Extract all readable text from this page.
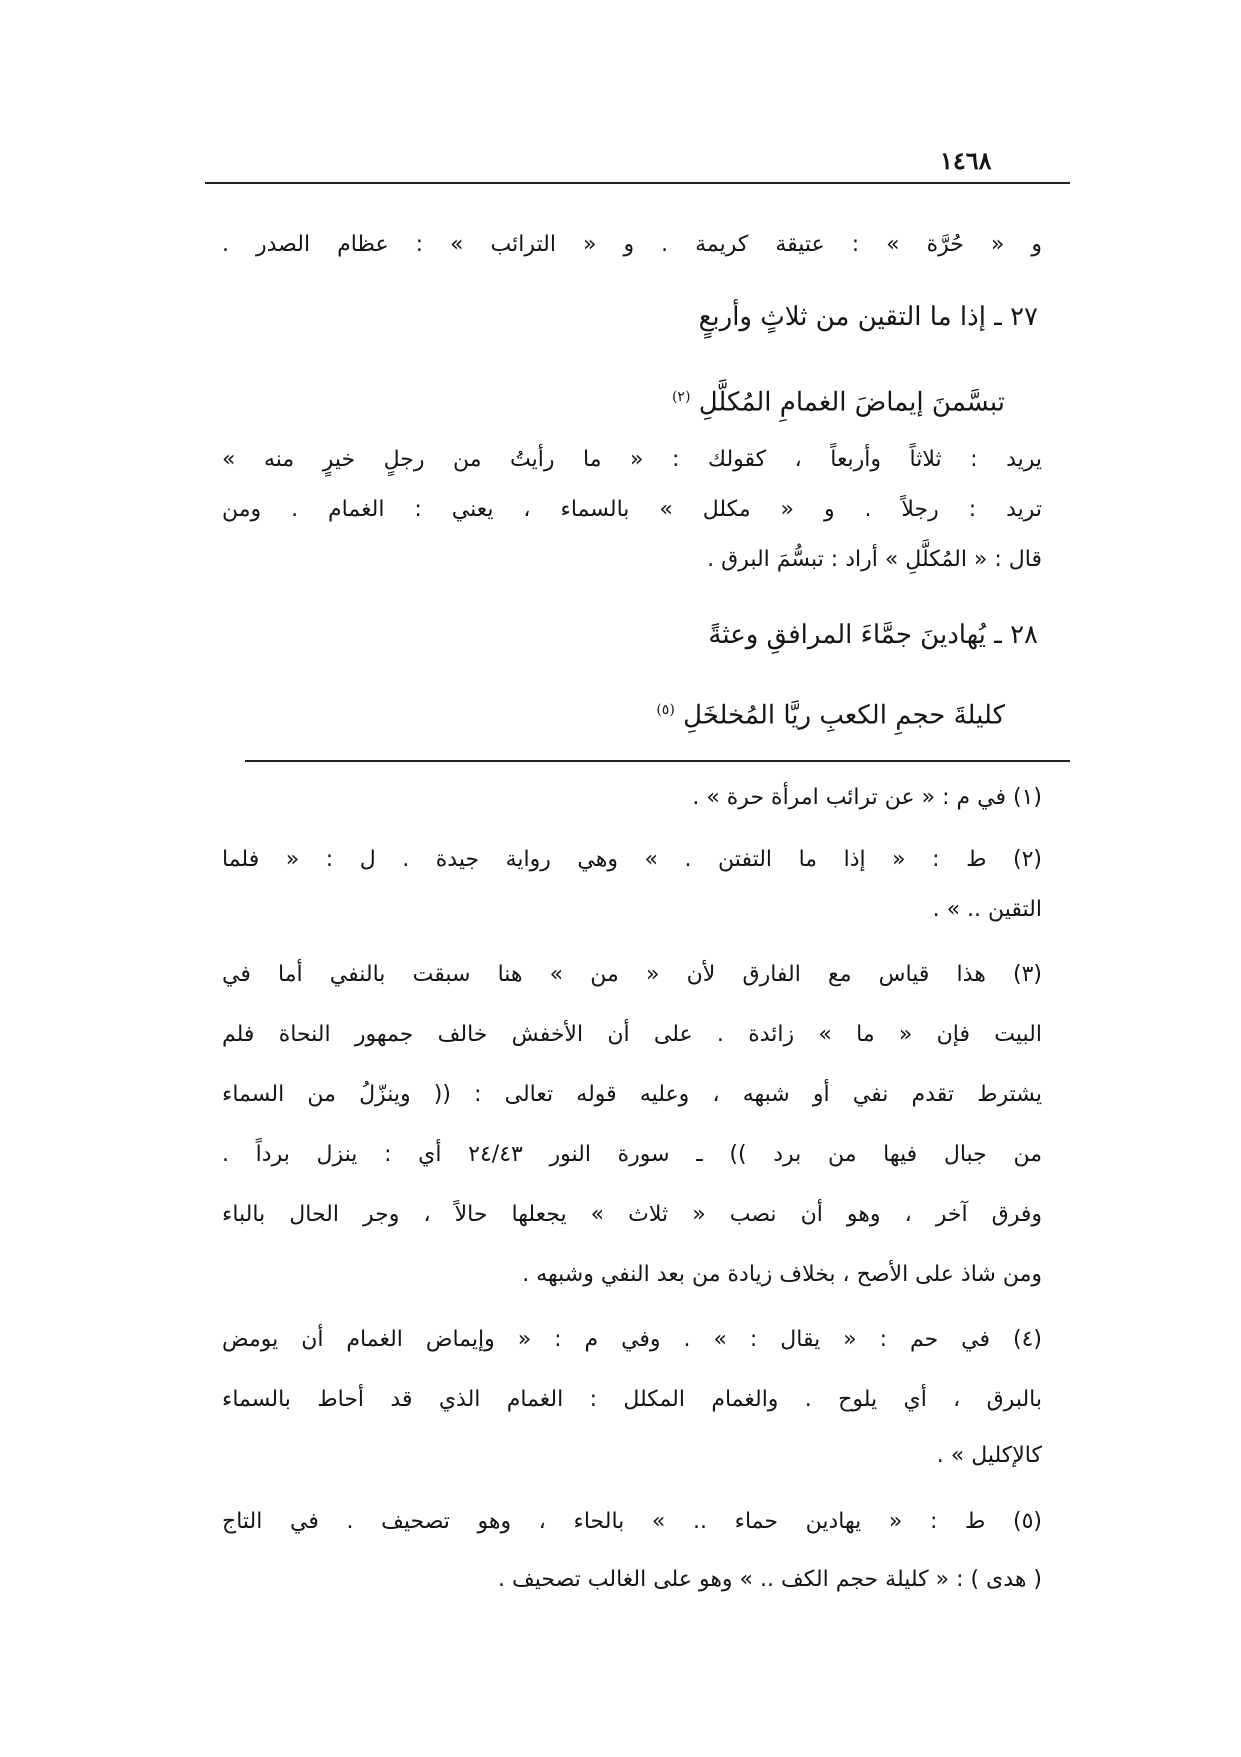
١٤٦٨
و « حُرَّة » : عتيقة كريمة . و « الترائب » : عظام الصدر .
٢٧ ـ إذا ما التقين من ثلاثٍ وأربعٍ
تبسَّمنَ إيماضَ الغمامِ المُكلَّلِ $^{(٢)}$
يريد : ثلاثاً وأربعاً ، كقولك : « ما رأيتُ من رجلٍ خيرٍ منه »
تريد : رجلاً . و « مكلل » بالسماء ، يعني : الغمام . ومن
قال : « المُكلَّلِ » أراد : تبسُّمَ البرق .
٢٨ ـ يُهادينَ جمَّاءَ المرافقِ وعثةً
كليلةَ حجمِ الكعبِ ريَّا المُخلخَلِ $^{(٥)}$
(١) في م : « عن ترائب امرأة حرة » .
(٢) ط : « إذا ما التفتن . » وهي رواية جيدة . ل : « فلما
التقين .. » .
(٣) هذا قياس مع الفارق لأن « من » هنا سبقت بالنفي أما في
البيت فإن « ما » زائدة . على أن الأخفش خالف جمهور النحاة فلم
يشترط تقدم نفي أو شبهه ، وعليه قوله تعالى : (( وينزّلُ من السماء
من جبال فيها من برد )) ـ سورة النور ٢٤/٤٣ أي : ينزل برداً .
وفرق آخر ، وهو أن نصب « ثلاث » يجعلها حالاً ، وجر الحال بالباء
ومن شاذ على الأصح ، بخلاف زيادة من بعد النفي وشبهه .
(٤) في حم : « يقال : » . وفي م : « وإيماض الغمام أن يومض
بالبرق ، أي يلوح . والغمام المكلل : الغمام الذي قد أحاط بالسماء
كالإكليل » .
(٥) ط : « يهادين حماء .. » بالحاء ، وهو تصحيف . في التاج
( هدى ) : « كليلة حجم الكف .. » وهو على الغالب تصحيف .
